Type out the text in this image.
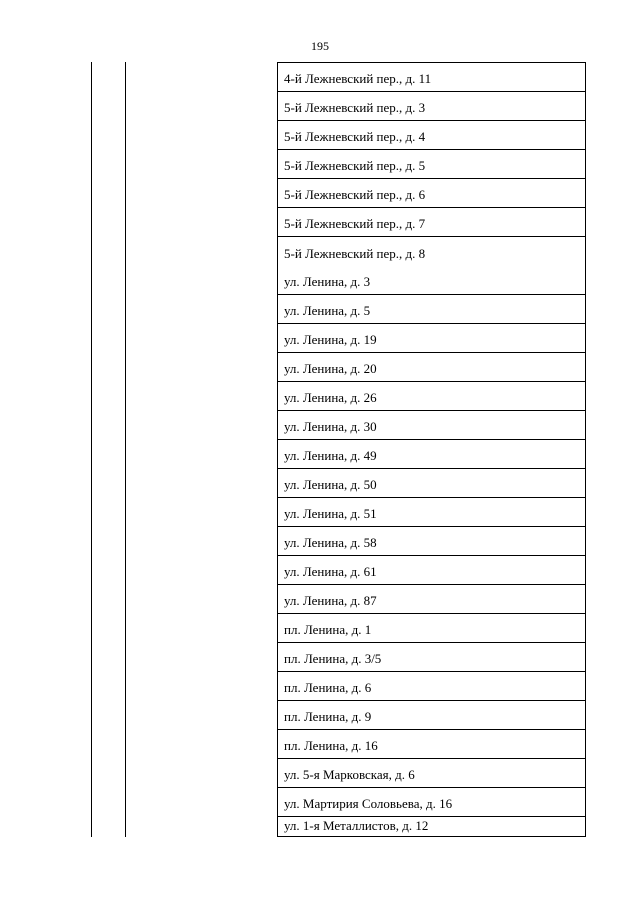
195
4-й Лежневский пер., д. 11
5-й Лежневский пер., д. 3
5-й Лежневский пер., д. 4
5-й Лежневский пер., д. 5
5-й Лежневский пер., д. 6
5-й Лежневский пер., д. 7
5-й Лежневский пер., д. 8
ул. Ленина, д. 3
ул. Ленина, д. 5
ул. Ленина, д. 19
ул. Ленина, д. 20
ул. Ленина, д. 26
ул. Ленина, д. 30
ул. Ленина, д. 49
ул. Ленина, д. 50
ул. Ленина, д. 51
ул. Ленина, д. 58
ул. Ленина, д. 61
ул. Ленина, д. 87
пл. Ленина, д. 1
пл. Ленина, д. 3/5
пл. Ленина, д. 6
пл. Ленина, д. 9
пл. Ленина, д. 16
ул. 5-я Марковская, д. 6
ул. Мартирия Соловьева, д. 16
ул. 1-я Металлистов, д. 12
